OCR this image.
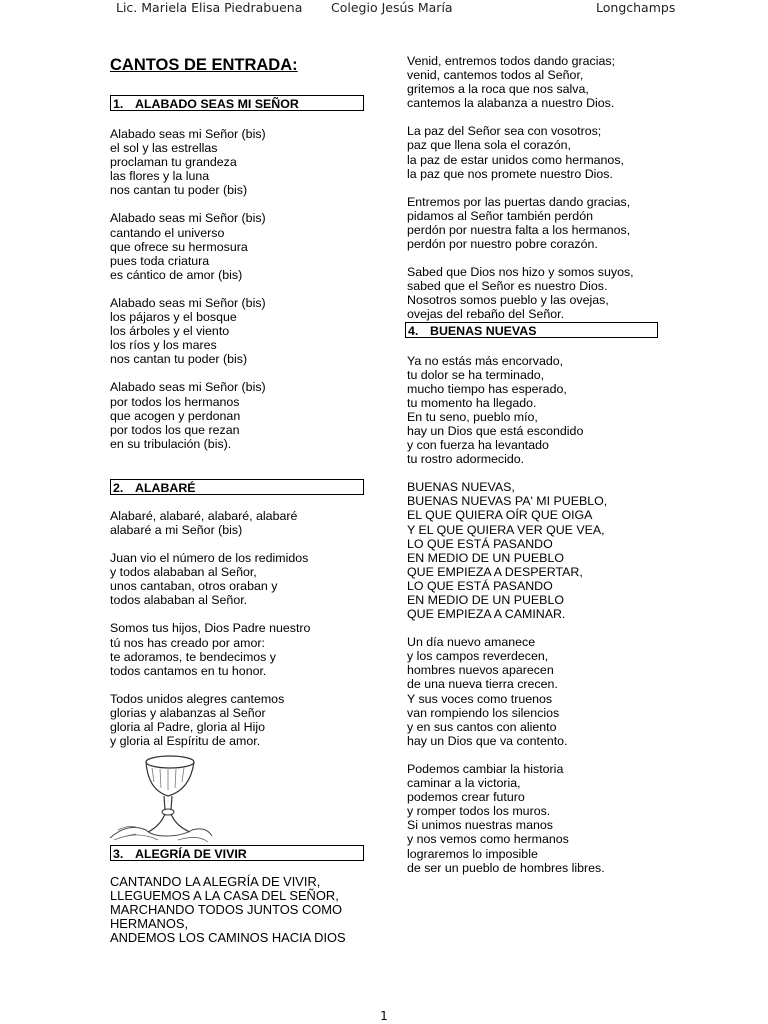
Lic. Mariela Elisa Piedrabuena Colegio Jesús María	Longchamps
CANTOS DE ENTRADA:
1. ALABADO SEAS MI SEÑOR

Alabado seas mi Señor (bis)
el sol y las estrellas
proclaman tu grandeza
las flores y la luna
nos cantan tu poder (bis)

Alabado seas mi Señor (bis)
cantando el universo
que ofrece su hermosura
pues toda criatura
es cántico de amor (bis)

Alabado seas mi Señor (bis)
los pájaros y el bosque
los árboles y el viento
los ríos y los mares
nos cantan tu poder (bis)

Alabado seas mi Señor (bis)
por todos los hermanos
que acogen y perdonan
por todos los que rezan
en su tribulación (bis).

2. ALABARÉ

Alabaré, alabaré, alabaré, alabaré
alabaré a mi Señor (bis)

Juan vio el número de los redimidos
y todos alababan al Señor,
unos cantaban, otros oraban y
todos alababan al Señor.

Somos tus hijos, Dios Padre nuestro
tú nos has creado por amor:
te adoramos, te bendecimos y
todos cantamos en tu honor.

Todos unidos alegres cantemos
glorias y alabanzas al Señor
gloria al Padre, gloria al Hijo
y gloria al Espíritu de amor.

3. ALEGRÍA DE VIVIR

CANTANDO LA ALEGRÍA DE VIVIR,
LLEGUEMOS A LA CASA DEL SEÑOR,
MARCHANDO TODOS JUNTOS COMO
HERMANOS,
ANDEMOS LOS CAMINOS HACIA DIOS

Venid, entremos todos dando gracias;
venid, cantemos todos al Señor,
gritemos a la roca que nos salva,
cantemos la alabanza a nuestro Dios.

La paz del Señor sea con vosotros;
paz que llena sola el corazón,
la paz de estar unidos como hermanos,
la paz que nos promete nuestro Dios.

Entremos por las puertas dando gracias,
pidamos al Señor también perdón
perdón por nuestra falta a los hermanos,
perdón por nuestro pobre corazón.

Sabed que Dios nos hizo y somos suyos,
sabed que el Señor es nuestro Dios.
Nosotros somos pueblo y las ovejas,
ovejas del rebaño del Señor.

4. BUENAS NUEVAS

Ya no estás más encorvado,
tu dolor se ha terminado,
mucho tiempo has esperado,
tu momento ha llegado.
En tu seno, pueblo mío,
hay un Dios que está escondido
y con fuerza ha levantado
tu rostro adormecido.

BUENAS NUEVAS,
BUENAS NUEVAS PA' MI PUEBLO,
EL QUE QUIERA OÍR QUE OIGA
Y EL QUE QUIERA VER QUE VEA,
LO QUE ESTÁ PASANDO
EN MEDIO DE UN PUEBLO
QUE EMPIEZA A DESPERTAR,
LO QUE ESTÁ PASANDO
EN MEDIO DE UN PUEBLO
QUE EMPIEZA A CAMINAR.

Un día nuevo amanece
y los campos reverdecen,
hombres nuevos aparecen
de una nueva tierra crecen.
Y sus voces como truenos
van rompiendo los silencios
y en sus cantos con aliento
hay un Dios que va contento.

Podemos cambiar la historia
caminar a la victoria,
podemos crear futuro
y romper todos los muros.
Si unimos nuestras manos
y nos vemos como hermanos
lograremos lo imposible
de ser un pueblo de hombres libres.

1
